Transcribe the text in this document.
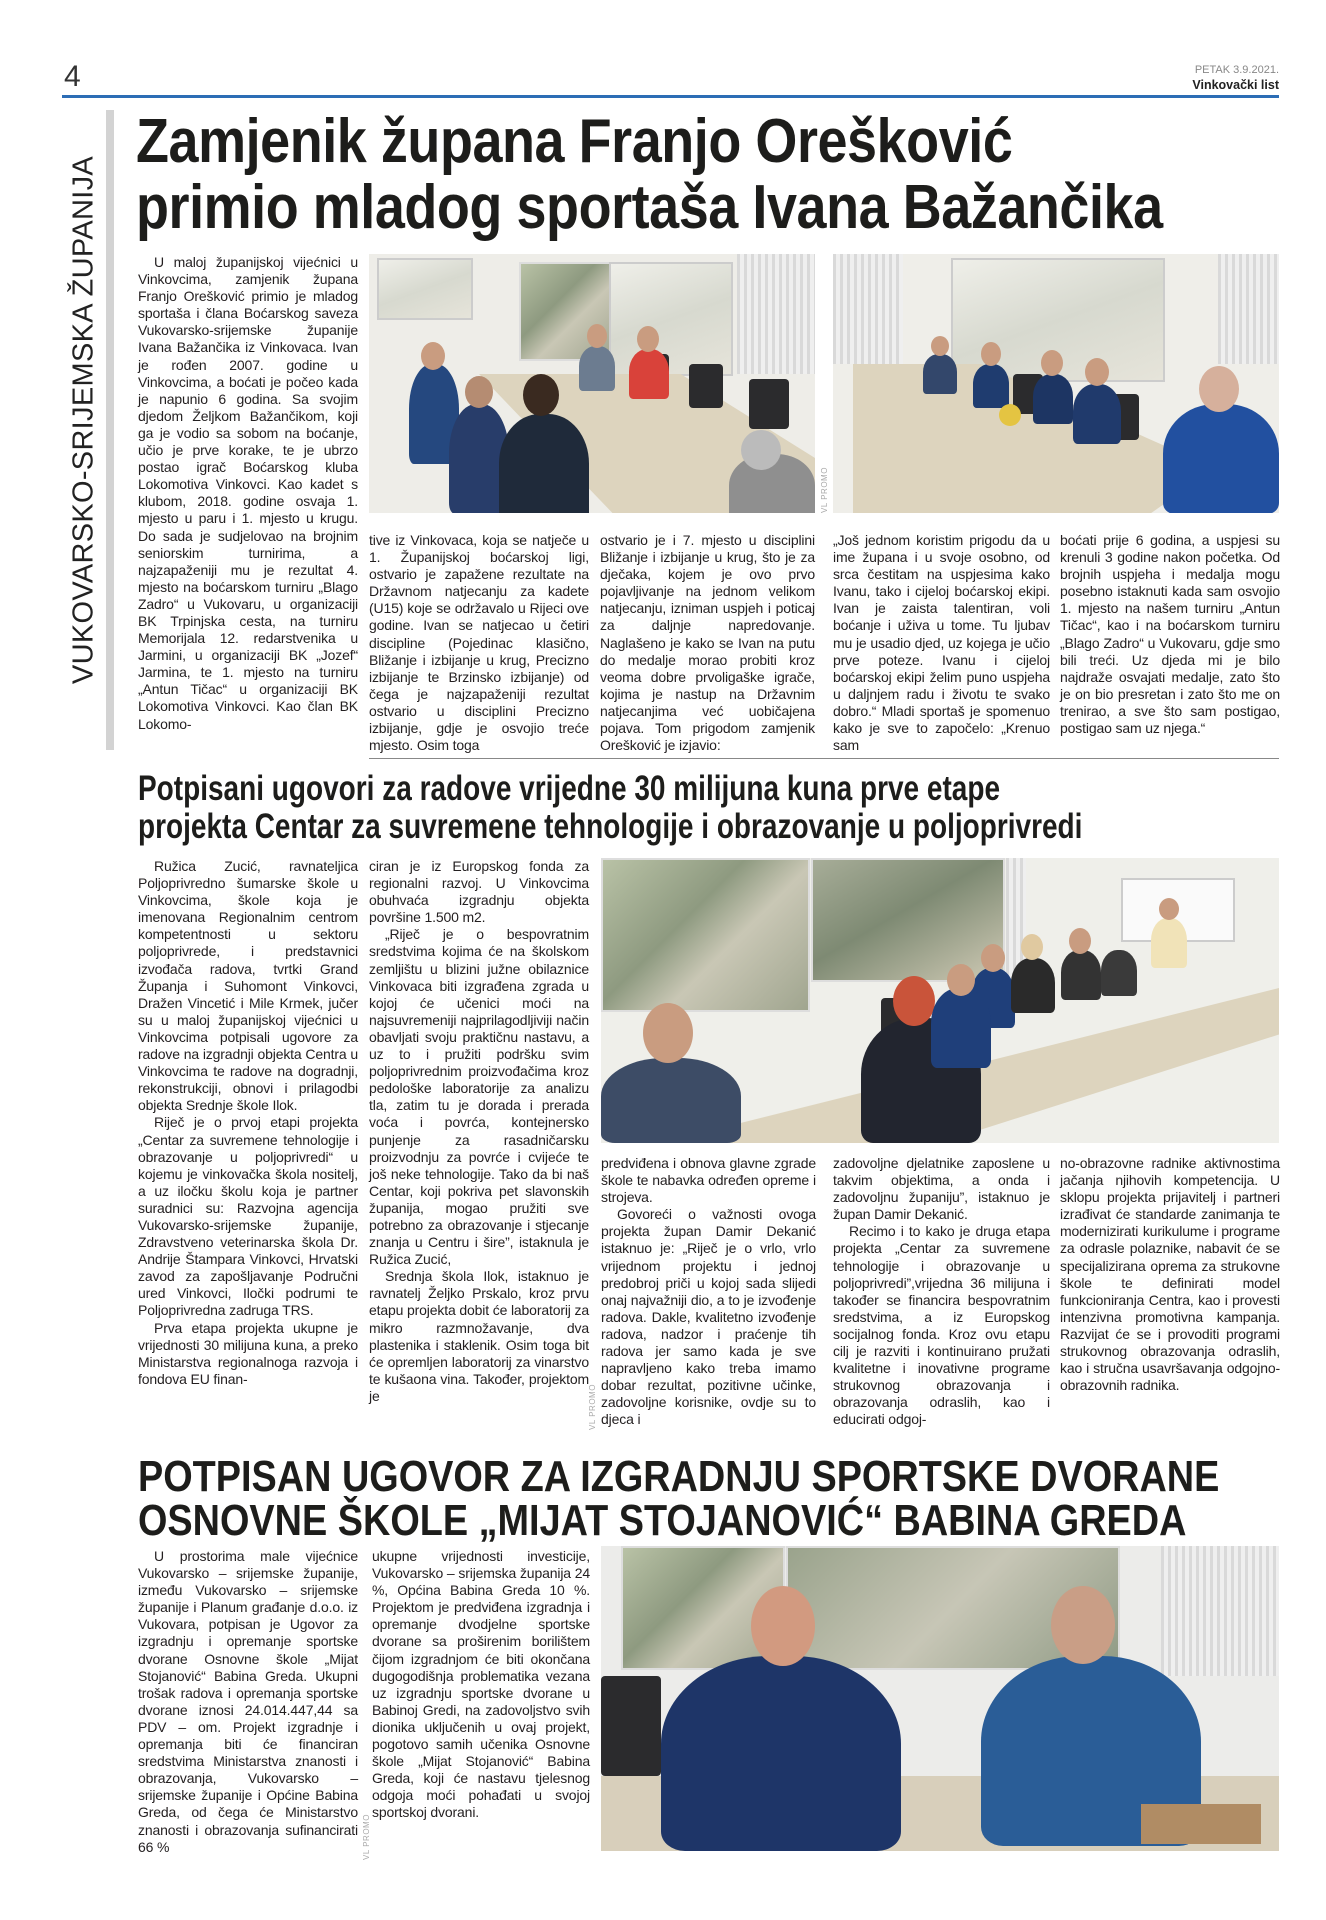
4	PETAK 3.9.2021.
Vinkovački list
VUKOVARSKO-SRIJEMSKA ŽUPANIJA
Zamjenik župana Franjo Orešković
primio mladog sportaša Ivana Bažančika

U maloj županijskoj vijećnici u Vinkovcima, zamjenik župana Franjo Orešković primio je mladog sportaša i člana Boćarskog saveza Vukovarsko-srijemske županije Ivana Bažančika iz Vinkovaca. Ivan je rođen 2007. godine u Vinkovcima, a boćati je počeo kada je napunio 6 godina. Sa svojim djedom Željkom Bažančikom, koji ga je vodio sa sobom na boćanje, učio je prve korake, te je ubrzo postao igrač Boćarskog kluba Lokomotiva Vinkovci. Kao kadet s klubom, 2018. godine osvaja 1. mjesto u paru i 1. mjesto u krugu. Do sada je sudjelovao na brojnim seniorskim turnirima, a najzapaženiji mu je rezultat 4. mjesto na boćarskom turniru „Blago Zadro“ u Vukovaru, u organizaciji BK Trpinjska cesta, na turniru Memorijala 12. redarstvenika u Jarmini, u organizaciji BK „Jozef“ Jarmina, te 1. mjesto na turniru „Antun Tičac“ u organizaciji BK Lokomotiva Vinkovci. Kao član BK Lokomo-

VL PROMO

tive iz Vinkovaca, koja se natječe u 1. Županijskoj boćarskoj ligi, ostvario je zapažene rezultate na Državnom natjecanju za kadete (U15) koje se održavalo u Rijeci ove godine. Ivan se natjecao u četiri discipline (Pojedinac klasično, Bližanje i izbijanje u krug, Precizno izbijanje te Brzinsko izbijanje) od čega je najzapaženiji rezultat ostvario u disciplini Precizno izbijanje, gdje je osvojio treće mjesto. Osim toga

ostvario je i 7. mjesto u disciplini Bližanje i izbijanje u krug, što je za dječaka, kojem je ovo prvo pojavljivanje na jednom velikom natjecanju, izniman uspjeh i poticaj za daljnje napredovanje. Naglašeno je kako se Ivan na putu do medalje morao probiti kroz veoma dobre prvoligaške igrače, kojima je nastup na Državnim natjecanjima već uobičajena pojava. Tom prigodom zamjenik Orešković je izjavio:

„Još jednom koristim prigodu da u ime župana i u svoje osobno, od srca čestitam na uspjesima kako Ivanu, tako i cijeloj boćarskoj ekipi. Ivan je zaista talentiran, voli boćanje i uživa u tome. Tu ljubav mu je usadio djed, uz kojega je učio prve poteze. Ivanu i cijeloj boćarskoj ekipi želim puno uspjeha u daljnjem radu i životu te svako dobro.“ Mladi sportaš je spomenuo kako je sve to započelo: „Krenuo sam

boćati prije 6 godina, a uspjesi su krenuli 3 godine nakon početka. Od brojnih uspjeha i medalja mogu posebno istaknuti kada sam osvojio 1. mjesto na našem turniru „Antun Tičac“, kao i na boćarskom turniru „Blago Zadro“ u Vukovaru, gdje smo bili treći. Uz djeda mi je bilo najdraže osvajati medalje, zato što je on bio presretan i zato što me on trenirao, a sve što sam postigao, postigao sam uz njega.“

Potpisani ugovori za radove vrijedne 30 milijuna kuna prve etape
projekta Centar za suvremene tehnologije i obrazovanje u poljoprivredi

Ružica Zucić, ravnateljica Poljoprivredno šumarske škole u Vinkovcima, škole koja je imenovana Regionalnim centrom kompetentnosti u sektoru poljoprivrede, i predstavnici izvođača radova, tvrtki Grand Županja i Suhomont Vinkovci, Dražen Vincetić i Mile Krmek, jučer su u maloj županijskoj vijećnici u Vinkovcima potpisali ugovore za radove na izgradnji objekta Centra u Vinkovcima te radove na dogradnji, rekonstrukciji, obnovi i prilagodbi objekta Srednje škole Ilok.

Riječ je o prvoj etapi projekta „Centar za suvremene tehnologije i obrazovanje u poljoprivredi“ u kojemu je vinkovačka škola nositelj, a uz iločku školu koja je partner suradnici su: Razvojna agencija Vukovarsko-srijemske županije, Zdravstveno veterinarska škola Dr. Andrije Štampara Vinkovci, Hrvatski zavod za zapošljavanje Područni ured Vinkovci, Iločki podrumi te Poljoprivredna zadruga TRS.

Prva etapa projekta ukupne je vrijednosti 30 milijuna kuna, a preko Ministarstva regionalnoga razvoja i fondova EU finan-

ciran je iz Europskog fonda za regionalni razvoj. U Vinkovcima obuhvaća izgradnju objekta površine 1.500 m2.

„Riječ je o bespovratnim sredstvima kojima će na školskom zemljištu u blizini južne obilaznice Vinkovaca biti izgrađena zgrada u kojoj će učenici moći na najsuvremeniji najprilagodljiviji način obavljati svoju praktičnu nastavu, a uz to i pružiti podršku svim poljoprivrednim proizvođačima kroz pedološke laboratorije za analizu tla, zatim tu je dorada i prerada voća i povrća, kontejnersko punjenje za rasadničarsku proizvodnju za povrće i cvijeće te još neke tehnologije. Tako da bi naš Centar, koji pokriva pet slavonskih županija, mogao pružiti sve potrebno za obrazovanje i stjecanje znanja u Centru i šire”, istaknula je Ružica Zucić,

Srednja škola Ilok, istaknuo je ravnatelj Željko Prskalo, kroz prvu etapu projekta dobit će laboratorij za mikro razmnožavanje, dva plastenika i staklenik. Osim toga bit će opremljen laboratorij za vinarstvo te kušaona vina. Također, projektom je	VL PROMO

predviđena i obnova glavne zgrade škole te nabavka određen opreme i strojeva.

Govoreći o važnosti ovoga projekta župan Damir Dekanić istaknuo je: „Riječ je o vrlo, vrlo vrijednom projektu i jednoj predobroj priči u kojoj sada slijedi onaj najvažniji dio, a to je izvođenje radova. Dakle, kvalitetno izvođenje radova, nadzor i praćenje tih radova jer samo kada je sve napravljeno kako treba imamo dobar rezultat, pozitivne učinke, zadovoljne korisnike, ovdje su to djeca i

zadovoljne djelatnike zaposlene u takvim objektima, a onda i zadovoljnu županiju”, istaknuo je župan Damir Dekanić.

Recimo i to kako je druga etapa projekta „Centar za suvremene tehnologije i obrazovanje u poljoprivredi”,vrijedna 36 milijuna i također se financira bespovratnim sredstvima, a iz Europskog socijalnog fonda. Kroz ovu etapu cilj je razviti i kontinuirano pružati kvalitetne i inovativne programe strukovnog obrazovanja i obrazovanja odraslih, kao i educirati odgoj-

no-obrazovne radnike aktivnostima jačanja njihovih kompetencija. U sklopu projekta prijavitelj i partneri izrađivat će standarde zanimanja te modernizirati kurikulume i programe za odrasle polaznike, nabavit će se specijalizirana oprema za strukovne škole te definirati model funkcioniranja Centra, kao i provesti intenzivna promotivna kampanja. Razvijat će se i provoditi programi strukovnog obrazovanja odraslih, kao i stručna usavršavanja odgojno-obrazovnih radnika.

POTPISAN UGOVOR ZA IZGRADNJU SPORTSKE DVORANE
OSNOVNE ŠKOLE „MIJAT STOJANOVIĆ“ BABINA GREDA

U prostorima male vijećnice Vukovarsko – srijemske županije, između Vukovarsko – srijemske županije i Planum građanje d.o.o. iz Vukovara, potpisan je Ugovor za izgradnju i opremanje sportske dvorane Osnovne škole „Mijat Stojanović“ Babina Greda. Ukupni trošak radova i opremanja sportske dvorane iznosi 24.014.447,44 sa PDV – om. Projekt izgradnje i opremanja biti će financiran sredstvima Ministarstva znanosti i obrazovanja, Vukovarsko – srijemske županije i Općine Babina Greda, od čega će Ministarstvo znanosti i obrazovanja sufinancirati 66 %	VL PROMO

ukupne vrijednosti investicije, Vukovarsko – srijemska županija 24 %, Općina Babina Greda 10 %. Projektom je predviđena izgradnja i opremanje dvodjelne sportske dvorane sa proširenim borilištem čijom izgradnjom će biti okončana dugogodišnja problematika vezana uz izgradnju sportske dvorane u Babinoj Gredi, na zadovoljstvo svih dionika uključenih u ovaj projekt, pogotovo samih učenika Osnovne škole „Mijat Stojanović“ Babina Greda, koji će nastavu tjelesnog odgoja moći pohađati u svojoj sportskoj dvorani.
